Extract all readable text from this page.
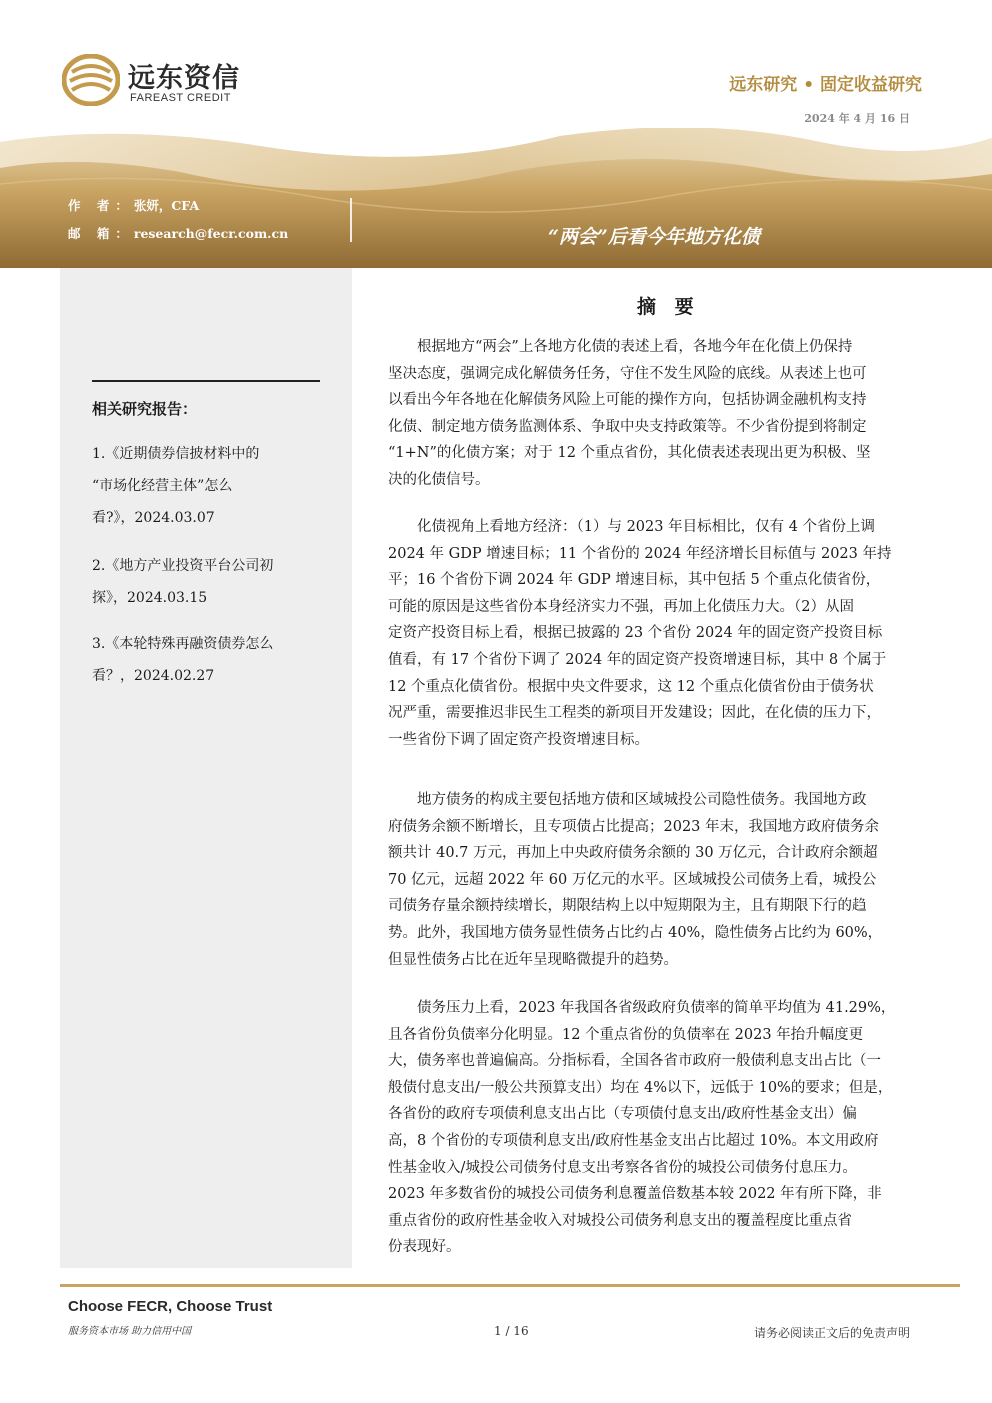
远东资信
FAREAST CREDIT
远东研究 • 固定收益研究
2024 年 4 月 16 日
作 者：张妍，CFA
邮 箱：research@fecr.com.cn	“两会”后看今年地方化债
相关研究报告：
1.《近期债券信披材料中的
“市场化经营主体”怎么
看?》，2024.03.07
2.《地方产业投资平台公司初
探》，2024.03.15
3.《本轮特殊再融资债券怎么
看？，2024.02.27
摘 要
根据地方“两会”上各地方化债的表述上看，各地今年在化债上仍保持
坚决态度，强调完成化解债务任务，守住不发生风险的底线。从表述上也可
以看出今年各地在化解债务风险上可能的操作方向，包括协调金融机构支持
化债、制定地方债务监测体系、争取中央支持政策等。不少省份提到将制定
“1+N”的化债方案；对于 12 个重点省份，其化债表述表现出更为积极、坚
决的化债信号。
化债视角上看地方经济：（1）与 2023 年目标相比，仅有 4 个省份上调
2024 年 GDP 增速目标；11 个省份的 2024 年经济增长目标值与 2023 年持
平；16 个省份下调 2024 年 GDP 增速目标，其中包括 5 个重点化债省份，
可能的原因是这些省份本身经济实力不强，再加上化债压力大。（2）从固
定资产投资目标上看，根据已披露的 23 个省份 2024 年的固定资产投资目标
值看，有 17 个省份下调了 2024 年的固定资产投资增速目标，其中 8 个属于
12 个重点化债省份。根据中央文件要求，这 12 个重点化债省份由于债务状
况严重，需要推迟非民生工程类的新项目开发建设；因此，在化债的压力下，
一些省份下调了固定资产投资增速目标。
地方债务的构成主要包括地方债和区域城投公司隐性债务。我国地方政
府债务余额不断增长，且专项债占比提高；2023 年末，我国地方政府债务余
额共计 40.7 万元，再加上中央政府债务余额的 30 万亿元，合计政府余额超
70 亿元，远超 2022 年 60 万亿元的水平。区域城投公司债务上看，城投公
司债务存量余额持续增长，期限结构上以中短期限为主，且有期限下行的趋
势。此外，我国地方债务显性债务占比约占 40%，隐性债务占比约为 60%，
但显性债务占比在近年呈现略微提升的趋势。
债务压力上看，2023 年我国各省级政府负债率的简单平均值为 41.29%，
且各省份负债率分化明显。12 个重点省份的负债率在 2023 年抬升幅度更
大，债务率也普遍偏高。分指标看，全国各省市政府一般债利息支出占比（一
般债付息支出/一般公共预算支出）均在 4%以下，远低于 10%的要求；但是，
各省份的政府专项债利息支出占比（专项债付息支出/政府性基金支出）偏
高，8 个省份的专项债利息支出/政府性基金支出占比超过 10%。本文用政府
性基金收入/城投公司债务付息支出考察各省份的城投公司债务付息压力。
2023 年多数省份的城投公司债务利息覆盖倍数基本较 2022 年有所下降，非
重点省份的政府性基金收入对城投公司债务利息支出的覆盖程度比重点省
份表现好。
Choose FECR, Choose Trust
服务资本市场 助力信用中国	1 / 16	请务必阅读正文后的免责声明
